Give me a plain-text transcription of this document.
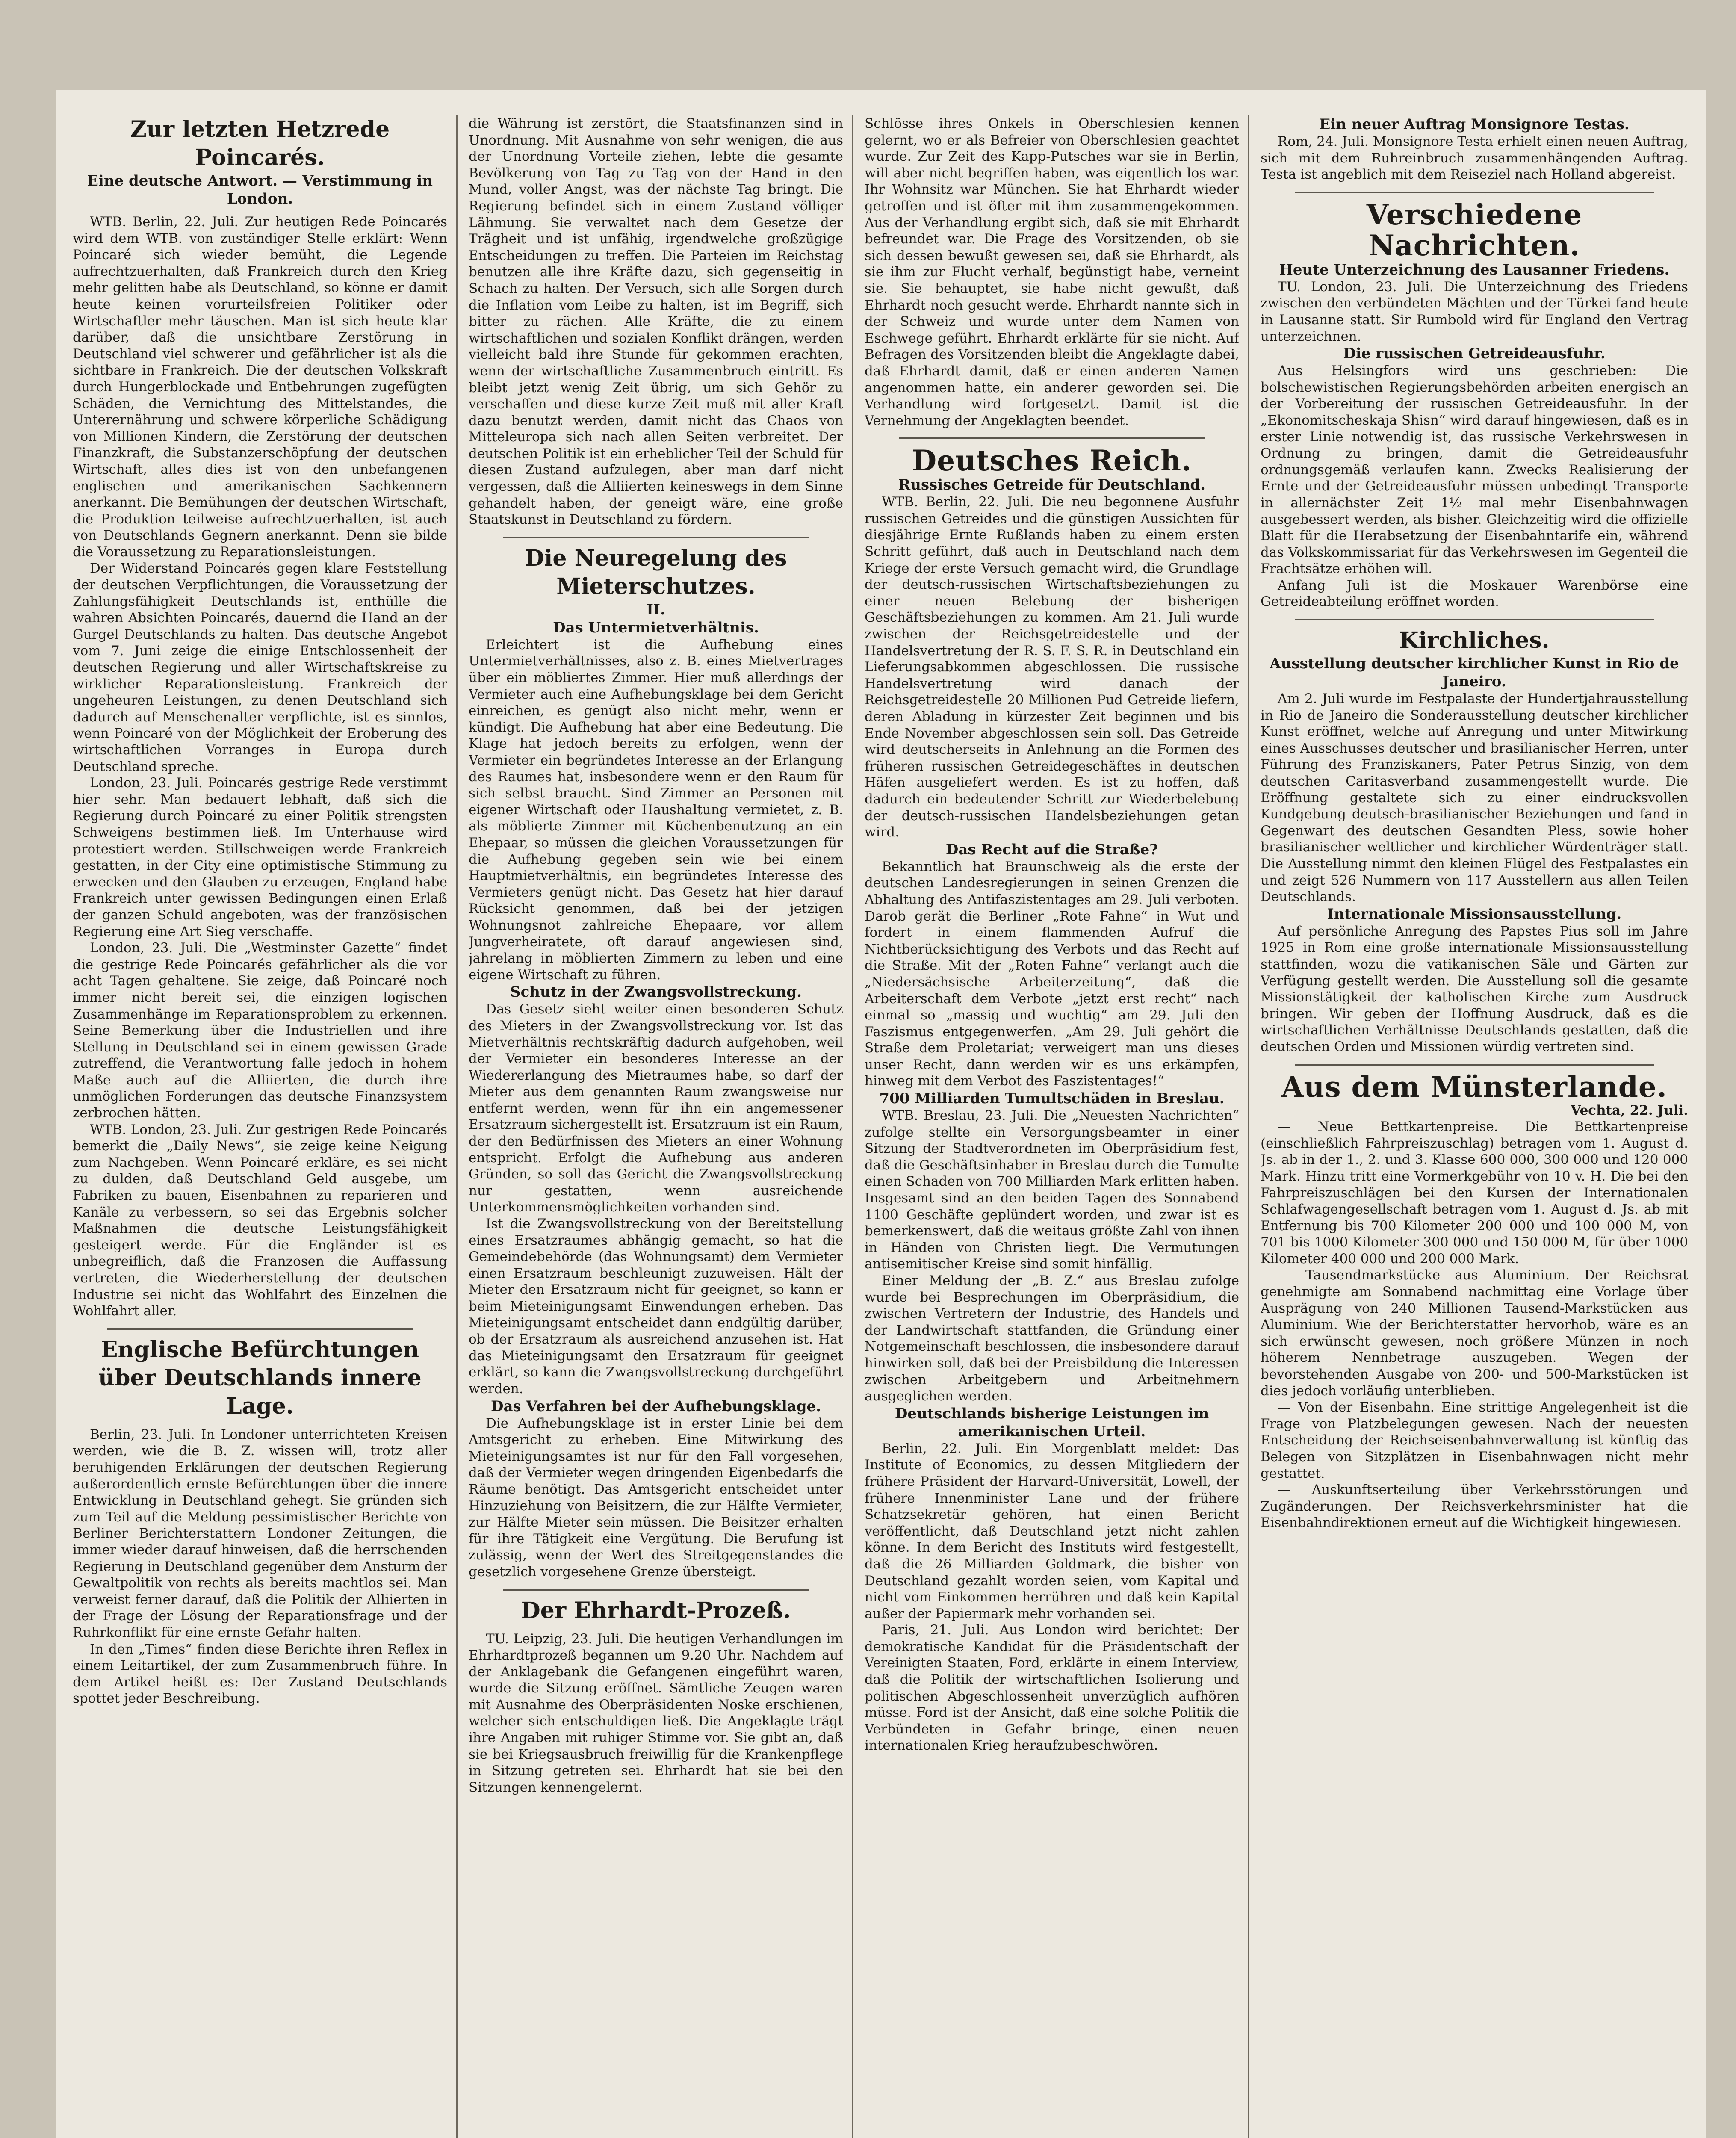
Zur letzten Hetzrede Poincarés.
Eine deutsche Antwort. — Verstimmung in London.

WTB. Berlin, 22. Juli. Zur heutigen Rede Poincarés wird dem WTB. von zuständiger Stelle erklärt: Wenn Poincaré sich wieder bemüht, die Legende aufrechtzuerhalten, daß Frankreich durch den Krieg mehr gelitten habe als Deutschland, so könne er damit heute keinen vorurteilsfreien Politiker oder Wirtschaftler mehr täuschen. Man ist sich heute klar darüber, daß die unsichtbare Zerstörung in Deutschland viel schwerer und gefährlicher ist als die sichtbare in Frankreich. Die der deutschen Volkskraft durch Hungerblockade und Entbehrungen zugefügten Schäden, die Vernichtung des Mittelstandes, die Unterernährung und schwere körperliche Schädigung von Millionen Kindern, die Zerstörung der deutschen Finanzkraft, die Substanzerschöpfung der deutschen Wirtschaft, alles dies ist von den unbefangenen englischen und amerikanischen Sachkennern anerkannt. Die Bemühungen der deutschen Wirtschaft, die Produktion teilweise aufrechtzuerhalten, ist auch von Deutschlands Gegnern anerkannt. Denn sie bilde die Voraussetzung zu Reparationsleistungen.

Der Widerstand Poincarés gegen klare Feststellung der deutschen Verpflichtungen, die Voraussetzung der Zahlungsfähigkeit Deutschlands ist, enthülle die wahren Absichten Poincarés, dauernd die Hand an der Gurgel Deutschlands zu halten. Das deutsche Angebot vom 7. Juni zeige die einige Entschlossenheit der deutschen Regierung und aller Wirtschaftskreise zu wirklicher Reparationsleistung. Frankreich der ungeheuren Leistungen, zu denen Deutschland sich dadurch auf Menschenalter verpflichte, ist es sinnlos, wenn Poincaré von der Möglichkeit der Eroberung des wirtschaftlichen Vorranges in Europa durch Deutschland spreche.

London, 23. Juli. Poincarés gestrige Rede verstimmt hier sehr. Man bedauert lebhaft, daß sich die Regierung durch Poincaré zu einer Politik strengsten Schweigens bestimmen ließ. Im Unterhause wird protestiert werden. Stillschweigen werde Frankreich gestatten, in der City eine optimistische Stimmung zu erwecken und den Glauben zu erzeugen, England habe Frankreich unter gewissen Bedingungen einen Erlaß der ganzen Schuld angeboten, was der französischen Regierung eine Art Sieg verschaffe.

London, 23. Juli. Die „Westminster Gazette“ findet die gestrige Rede Poincarés gefährlicher als die vor acht Tagen gehaltene. Sie zeige, daß Poincaré noch immer nicht bereit sei, die einzigen logischen Zusammenhänge im Reparationsproblem zu erkennen. Seine Bemerkung über die Industriellen und ihre Stellung in Deutschland sei in einem gewissen Grade zutreffend, die Verantwortung falle jedoch in hohem Maße auch auf die Alliierten, die durch ihre unmöglichen Forderungen das deutsche Finanzsystem zerbrochen hätten.

WTB. London, 23. Juli. Zur gestrigen Rede Poincarés bemerkt die „Daily News“, sie zeige keine Neigung zum Nachgeben. Wenn Poincaré erkläre, es sei nicht zu dulden, daß Deutschland Geld ausgebe, um Fabriken zu bauen, Eisenbahnen zu reparieren und Kanäle zu verbessern, so sei das Ergebnis solcher Maßnahmen die deutsche Leistungsfähigkeit gesteigert werde. Für die Engländer ist es unbegreiflich, daß die Franzosen die Auffassung vertreten, die Wiederherstellung der deutschen Industrie sei nicht das Wohlfahrt des Einzelnen die Wohlfahrt aller.

Englische Befürchtungen über Deutschlands innere Lage.

Berlin, 23. Juli. In Londoner unterrichteten Kreisen werden, wie die B. Z. wissen will, trotz aller beruhigenden Erklärungen der deutschen Regierung außerordentlich ernste Befürchtungen über die innere Entwicklung in Deutschland gehegt. Sie gründen sich zum Teil auf die Meldung pessimistischer Berichte von Berliner Berichterstattern Londoner Zeitungen, die immer wieder darauf hinweisen, daß die herrschenden Regierung in Deutschland gegenüber dem Ansturm der Gewaltpolitik von rechts als bereits machtlos sei. Man verweist ferner darauf, daß die Politik der Alliierten in der Frage der Lösung der Reparationsfrage und der Ruhrkonflikt für eine ernste Gefahr halten.

In den „Times“ finden diese Berichte ihren Reflex in einem Leitartikel, der zum Zusammenbruch führe. In dem Artikel heißt es: Der Zustand Deutschlands spottet jeder Beschreibung.

die Währung ist zerstört, die Staatsfinanzen sind in Unordnung. Mit Ausnahme von sehr wenigen, die aus der Unordnung Vorteile ziehen, lebte die gesamte Bevölkerung von Tag zu Tag von der Hand in den Mund, voller Angst, was der nächste Tag bringt. Die Regierung befindet sich in einem Zustand völliger Lähmung. Sie verwaltet nach dem Gesetze der Trägheit und ist unfähig, irgendwelche großzügige Entscheidungen zu treffen. Die Parteien im Reichstag benutzen alle ihre Kräfte dazu, sich gegenseitig in Schach zu halten. Der Versuch, sich alle Sorgen durch die Inflation vom Leibe zu halten, ist im Begriff, sich bitter zu rächen. Alle Kräfte, die zu einem wirtschaftlichen und sozialen Konflikt drängen, werden vielleicht bald ihre Stunde für gekommen erachten, wenn der wirtschaftliche Zusammenbruch eintritt. Es bleibt jetzt wenig Zeit übrig, um sich Gehör zu verschaffen und diese kurze Zeit muß mit aller Kraft dazu benutzt werden, damit nicht das Chaos von Mitteleuropa sich nach allen Seiten verbreitet. Der deutschen Politik ist ein erheblicher Teil der Schuld für diesen Zustand aufzulegen, aber man darf nicht vergessen, daß die Alliierten keineswegs in dem Sinne gehandelt haben, der geneigt wäre, eine große Staatskunst in Deutschland zu fördern.

Die Neuregelung des Mieterschutzes.
II.
Das Untermietverhältnis.

Erleichtert ist die Aufhebung eines Untermietverhältnisses, also z. B. eines Mietvertrages über ein möbliertes Zimmer. Hier muß allerdings der Vermieter auch eine Aufhebungsklage bei dem Gericht einreichen, es genügt also nicht mehr, wenn er kündigt. Die Aufhebung hat aber eine Bedeutung. Die Klage hat jedoch bereits zu erfolgen, wenn der Vermieter ein begründetes Interesse an der Erlangung des Raumes hat, insbesondere wenn er den Raum für sich selbst braucht. Sind Zimmer an Personen mit eigener Wirtschaft oder Haushaltung vermietet, z. B. als möblierte Zimmer mit Küchenbenutzung an ein Ehepaar, so müssen die gleichen Voraussetzungen für die Aufhebung gegeben sein wie bei einem Hauptmietverhältnis, ein begründetes Interesse des Vermieters genügt nicht. Das Gesetz hat hier darauf Rücksicht genommen, daß bei der jetzigen Wohnungsnot zahlreiche Ehepaare, vor allem Jungverheiratete, oft darauf angewiesen sind, jahrelang in möblierten Zimmern zu leben und eine eigene Wirtschaft zu führen.

Schutz in der Zwangsvollstreckung.

Das Gesetz sieht weiter einen besonderen Schutz des Mieters in der Zwangsvollstreckung vor. Ist das Mietverhältnis rechtskräftig dadurch aufgehoben, weil der Vermieter ein besonderes Interesse an der Wiedererlangung des Mietraumes habe, so darf der Mieter aus dem genannten Raum zwangsweise nur entfernt werden, wenn für ihn ein angemessener Ersatzraum sichergestellt ist. Ersatzraum ist ein Raum, der den Bedürfnissen des Mieters an einer Wohnung entspricht. Erfolgt die Aufhebung aus anderen Gründen, so soll das Gericht die Zwangsvollstreckung nur gestatten, wenn ausreichende Unterkommensmöglichkeiten vorhanden sind.

Ist die Zwangsvollstreckung von der Bereitstellung eines Ersatzraumes abhängig gemacht, so hat die Gemeindebehörde (das Wohnungsamt) dem Vermieter einen Ersatzraum beschleunigt zuzuweisen. Hält der Mieter den Ersatzraum nicht für geeignet, so kann er beim Mieteinigungsamt Einwendungen erheben. Das Mieteinigungsamt entscheidet dann endgültig darüber, ob der Ersatzraum als ausreichend anzusehen ist. Hat das Mieteinigungsamt den Ersatzraum für geeignet erklärt, so kann die Zwangsvollstreckung durchgeführt werden.

Das Verfahren bei der Aufhebungsklage.

Die Aufhebungsklage ist in erster Linie bei dem Amtsgericht zu erheben. Eine Mitwirkung des Mieteinigungsamtes ist nur für den Fall vorgesehen, daß der Vermieter wegen dringenden Eigenbedarfs die Räume benötigt. Das Amtsgericht entscheidet unter Hinzuziehung von Beisitzern, die zur Hälfte Vermieter, zur Hälfte Mieter sein müssen. Die Beisitzer erhalten für ihre Tätigkeit eine Vergütung. Die Berufung ist zulässig, wenn der Wert des Streitgegenstandes die gesetzlich vorgesehene Grenze übersteigt.

Der Ehrhardt-Prozeß.

TU. Leipzig, 23. Juli. Die heutigen Verhandlungen im Ehrhardtprozeß begannen um 9.20 Uhr. Nachdem auf der Anklagebank die Gefangenen eingeführt waren, wurde die Sitzung eröffnet. Sämtliche Zeugen waren mit Ausnahme des Oberpräsidenten Noske erschienen, welcher sich entschuldigen ließ. Die Angeklagte trägt ihre Angaben mit ruhiger Stimme vor. Sie gibt an, daß sie bei Kriegsausbruch freiwillig für die Krankenpflege in Sitzung getreten sei. Ehrhardt hat sie bei den Sitzungen kennengelernt.

Schlösse ihres Onkels in Oberschlesien kennen gelernt, wo er als Befreier von Oberschlesien geachtet wurde. Zur Zeit des Kapp-Putsches war sie in Berlin, will aber nicht begriffen haben, was eigentlich los war. Ihr Wohnsitz war München. Sie hat Ehrhardt wieder getroffen und ist öfter mit ihm zusammengekommen. Aus der Verhandlung ergibt sich, daß sie mit Ehrhardt befreundet war. Die Frage des Vorsitzenden, ob sie sich dessen bewußt gewesen sei, daß sie Ehrhardt, als sie ihm zur Flucht verhalf, begünstigt habe, verneint sie. Sie behauptet, sie habe nicht gewußt, daß Ehrhardt noch gesucht werde. Ehrhardt nannte sich in der Schweiz und wurde unter dem Namen von Eschwege geführt. Ehrhardt erklärte für sie nicht. Auf Befragen des Vorsitzenden bleibt die Angeklagte dabei, daß Ehrhardt damit, daß er einen anderen Namen angenommen hatte, ein anderer geworden sei. Die Verhandlung wird fortgesetzt. Damit ist die Vernehmung der Angeklagten beendet.

Deutsches Reich.
Russisches Getreide für Deutschland.

WTB. Berlin, 22. Juli. Die neu begonnene Ausfuhr russischen Getreides und die günstigen Aussichten für diesjährige Ernte Rußlands haben zu einem ersten Schritt geführt, daß auch in Deutschland nach dem Kriege der erste Versuch gemacht wird, die Grundlage der deutsch-russischen Wirtschaftsbeziehungen zu einer neuen Belebung der bisherigen Geschäftsbeziehungen zu kommen. Am 21. Juli wurde zwischen der Reichsgetreidestelle und der Handelsvertretung der R. S. F. S. R. in Deutschland ein Lieferungsabkommen abgeschlossen. Die russische Handelsvertretung wird danach der Reichsgetreidestelle 20 Millionen Pud Getreide liefern, deren Abladung in kürzester Zeit beginnen und bis Ende November abgeschlossen sein soll. Das Getreide wird deutscherseits in Anlehnung an die Formen des früheren russischen Getreidegeschäftes in deutschen Häfen ausgeliefert werden. Es ist zu hoffen, daß dadurch ein bedeutender Schritt zur Wiederbelebung der deutsch-russischen Handelsbeziehungen getan wird.

Das Recht auf die Straße?

Bekanntlich hat Braunschweig als die erste der deutschen Landesregierungen in seinen Grenzen die Abhaltung des Antifaszistentages am 29. Juli verboten. Darob gerät die Berliner „Rote Fahne“ in Wut und fordert in einem flammenden Aufruf die Nichtberücksichtigung des Verbots und das Recht auf die Straße. Mit der „Roten Fahne“ verlangt auch die „Niedersächsische Arbeiterzeitung“, daß die Arbeiterschaft dem Verbote „jetzt erst recht“ nach einmal so „massig und wuchtig“ am 29. Juli den Faszismus entgegenwerfen. „Am 29. Juli gehört die Straße dem Proletariat; verweigert man uns dieses unser Recht, dann werden wir es uns erkämpfen, hinweg mit dem Verbot des Faszistentages!“

700 Milliarden Tumultschäden in Breslau.

WTB. Breslau, 23. Juli. Die „Neuesten Nachrichten“ zufolge stellte ein Versorgungsbeamter in einer Sitzung der Stadtverordneten im Oberpräsidium fest, daß die Geschäftsinhaber in Breslau durch die Tumulte einen Schaden von 700 Milliarden Mark erlitten haben. Insgesamt sind an den beiden Tagen des Sonnabend 1100 Geschäfte geplündert worden, und zwar ist es bemerkenswert, daß die weitaus größte Zahl von ihnen in Händen von Christen liegt. Die Vermutungen antisemitischer Kreise sind somit hinfällig.

Einer Meldung der „B. Z.“ aus Breslau zufolge wurde bei Besprechungen im Oberpräsidium, die zwischen Vertretern der Industrie, des Handels und der Landwirtschaft stattfanden, die Gründung einer Notgemeinschaft beschlossen, die insbesondere darauf hinwirken soll, daß bei der Preisbildung die Interessen zwischen Arbeitgebern und Arbeitnehmern ausgeglichen werden.

Deutschlands bisherige Leistungen im amerikanischen Urteil.

Berlin, 22. Juli. Ein Morgenblatt meldet: Das Institute of Economics, zu dessen Mitgliedern der frühere Präsident der Harvard-Universität, Lowell, der frühere Innenminister Lane und der frühere Schatzsekretär gehören, hat einen Bericht veröffentlicht, daß Deutschland jetzt nicht zahlen könne. In dem Bericht des Instituts wird festgestellt, daß die 26 Milliarden Goldmark, die bisher von Deutschland gezahlt worden seien, vom Kapital und nicht vom Einkommen herrühren und daß kein Kapital außer der Papiermark mehr vorhanden sei.

Paris, 21. Juli. Aus London wird berichtet: Der demokratische Kandidat für die Präsidentschaft der Vereinigten Staaten, Ford, erklärte in einem Interview, daß die Politik der wirtschaftlichen Isolierung und politischen Abgeschlossenheit unverzüglich aufhören müsse. Ford ist der Ansicht, daß eine solche Politik die Verbündeten in Gefahr bringe, einen neuen internationalen Krieg heraufzubeschwören.

Ein neuer Auftrag Monsignore Testas.

Rom, 24. Juli. Monsignore Testa erhielt einen neuen Auftrag, sich mit dem Ruhreinbruch zusammenhängenden Auftrag. Testa ist angeblich mit dem Reiseziel nach Holland abgereist.

Verschiedene Nachrichten.
Heute Unterzeichnung des Lausanner Friedens.

TU. London, 23. Juli. Die Unterzeichnung des Friedens zwischen den verbündeten Mächten und der Türkei fand heute in Lausanne statt. Sir Rumbold wird für England den Vertrag unterzeichnen.

Die russischen Getreideausfuhr.

Aus Helsingfors wird uns geschrieben: Die bolschewistischen Regierungsbehörden arbeiten energisch an der Vorbereitung der russischen Getreideausfuhr. In der „Ekonomitscheskaja Shisn“ wird darauf hingewiesen, daß es in erster Linie notwendig ist, das russische Verkehrswesen in Ordnung zu bringen, damit die Getreideausfuhr ordnungsgemäß verlaufen kann. Zwecks Realisierung der Ernte und der Getreideausfuhr müssen unbedingt Transporte in allernächster Zeit 1½ mal mehr Eisenbahnwagen ausgebessert werden, als bisher. Gleichzeitig wird die offizielle Blatt für die Herabsetzung der Eisenbahntarife ein, während das Volkskommissariat für das Verkehrswesen im Gegenteil die Frachtsätze erhöhen will.

Anfang Juli ist die Moskauer Warenbörse eine Getreideabteilung eröffnet worden.

Kirchliches.
Ausstellung deutscher kirchlicher Kunst in Rio de Janeiro.

Am 2. Juli wurde im Festpalaste der Hundertjahrausstellung in Rio de Janeiro die Sonderausstellung deutscher kirchlicher Kunst eröffnet, welche auf Anregung und unter Mitwirkung eines Ausschusses deutscher und brasilianischer Herren, unter Führung des Franziskaners, Pater Petrus Sinzig, von dem deutschen Caritasverband zusammengestellt wurde. Die Eröffnung gestaltete sich zu einer eindrucksvollen Kundgebung deutsch-brasilianischer Beziehungen und fand in Gegenwart des deutschen Gesandten Pless, sowie hoher brasilianischer weltlicher und kirchlicher Würdenträger statt. Die Ausstellung nimmt den kleinen Flügel des Festpalastes ein und zeigt 526 Nummern von 117 Ausstellern aus allen Teilen Deutschlands.

Internationale Missionsausstellung.

Auf persönliche Anregung des Papstes Pius soll im Jahre 1925 in Rom eine große internationale Missionsausstellung stattfinden, wozu die vatikanischen Säle und Gärten zur Verfügung gestellt werden. Die Ausstellung soll die gesamte Missionstätigkeit der katholischen Kirche zum Ausdruck bringen. Wir geben der Hoffnung Ausdruck, daß es die wirtschaftlichen Verhältnisse Deutschlands gestatten, daß die deutschen Orden und Missionen würdig vertreten sind.

Aus dem Münsterlande.
Vechta, 22. Juli.

— Neue Bettkartenpreise. Die Bettkartenpreise (einschließlich Fahrpreiszuschlag) betragen vom 1. August d. Js. ab in der 1., 2. und 3. Klasse 600 000, 300 000 und 120 000 Mark. Hinzu tritt eine Vormerkgebühr von 10 v. H. Die bei den Fahrpreiszuschlägen bei den Kursen der Internationalen Schlafwagengesellschaft betragen vom 1. August d. Js. ab mit Entfernung bis 700 Kilometer 200 000 und 100 000 M, von 701 bis 1000 Kilometer 300 000 und 150 000 M, für über 1000 Kilometer 400 000 und 200 000 Mark.

— Tausendmarkstücke aus Aluminium. Der Reichsrat genehmigte am Sonnabend nachmittag eine Vorlage über Ausprägung von 240 Millionen Tausend-Markstücken aus Aluminium. Wie der Berichterstatter hervorhob, wäre es an sich erwünscht gewesen, noch größere Münzen in noch höherem Nennbetrage auszugeben. Wegen der bevorstehenden Ausgabe von 200- und 500-Markstücken ist dies jedoch vorläufig unterblieben.

— Von der Eisenbahn. Eine strittige Angelegenheit ist die Frage von Platzbelegungen gewesen. Nach der neuesten Entscheidung der Reichseisenbahnverwaltung ist künftig das Belegen von Sitzplätzen in Eisenbahnwagen nicht mehr gestattet.

— Auskunftserteilung über Verkehrsstörungen und Zugänderungen. Der Reichsverkehrsminister hat die Eisenbahndirektionen erneut auf die Wichtigkeit hingewiesen.
